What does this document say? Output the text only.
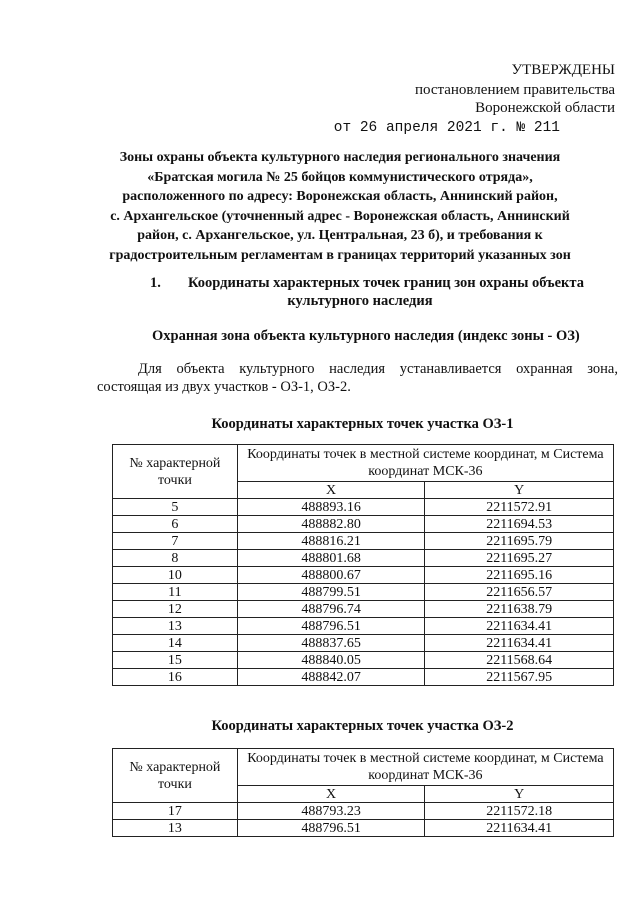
УТВЕРЖДЕНЫ
постановлением правительства
Воронежской области
от 26 апреля 2021 г. № 211
Зоны охраны объекта культурного наследия регионального значения
«Братская могила № 25 бойцов коммунистического отряда»,
расположенного по адресу: Воронежская область, Аннинский район,
с. Архангельское (уточненный адрес - Воронежская область, Аннинский
район, с. Архангельское, ул. Центральная, 23 б), и требования к
градостроительным регламентам в границах территорий указанных зон
1. Координаты характерных точек границ зон охраны объекта
культурного наследия
Охранная зона объекта культурного наследия (индекс зоны - ОЗ)
Для объекта культурного наследия устанавливается охранная зона,
состоящая из двух участков - ОЗ-1, ОЗ-2.
Координаты характерных точек участка ОЗ-1
№ характерной точки	Координаты точек в местной системе координат, м Система координат МСК-36	
	X	Y
5	488893.16	2211572.91
6	488882.80	2211694.53
7	488816.21	2211695.79
8	488801.68	2211695.27
10	488800.67	2211695.16
11	488799.51	2211656.57
12	488796.74	2211638.79
13	488796.51	2211634.41
14	488837.65	2211634.41
15	488840.05	2211568.64
16	488842.07	2211567.95
Координаты характерных точек участка ОЗ-2
№ характерной точки	Координаты точек в местной системе координат, м Система координат МСК-36	
	X	Y
17	488793.23	2211572.18
13	488796.51	2211634.41
